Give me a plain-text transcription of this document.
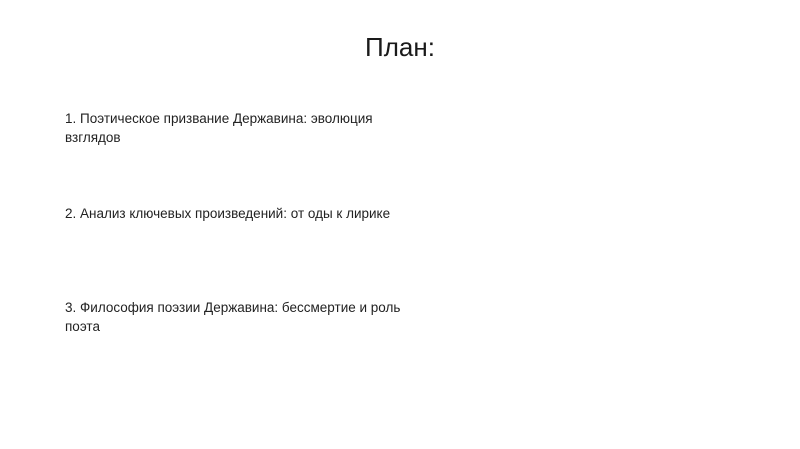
План:
1. Поэтическое призвание Державина: эволюция взглядов
2. Анализ ключевых произведений: от оды к лирике
3. Философия поэзии Державина: бессмертие и роль поэта
